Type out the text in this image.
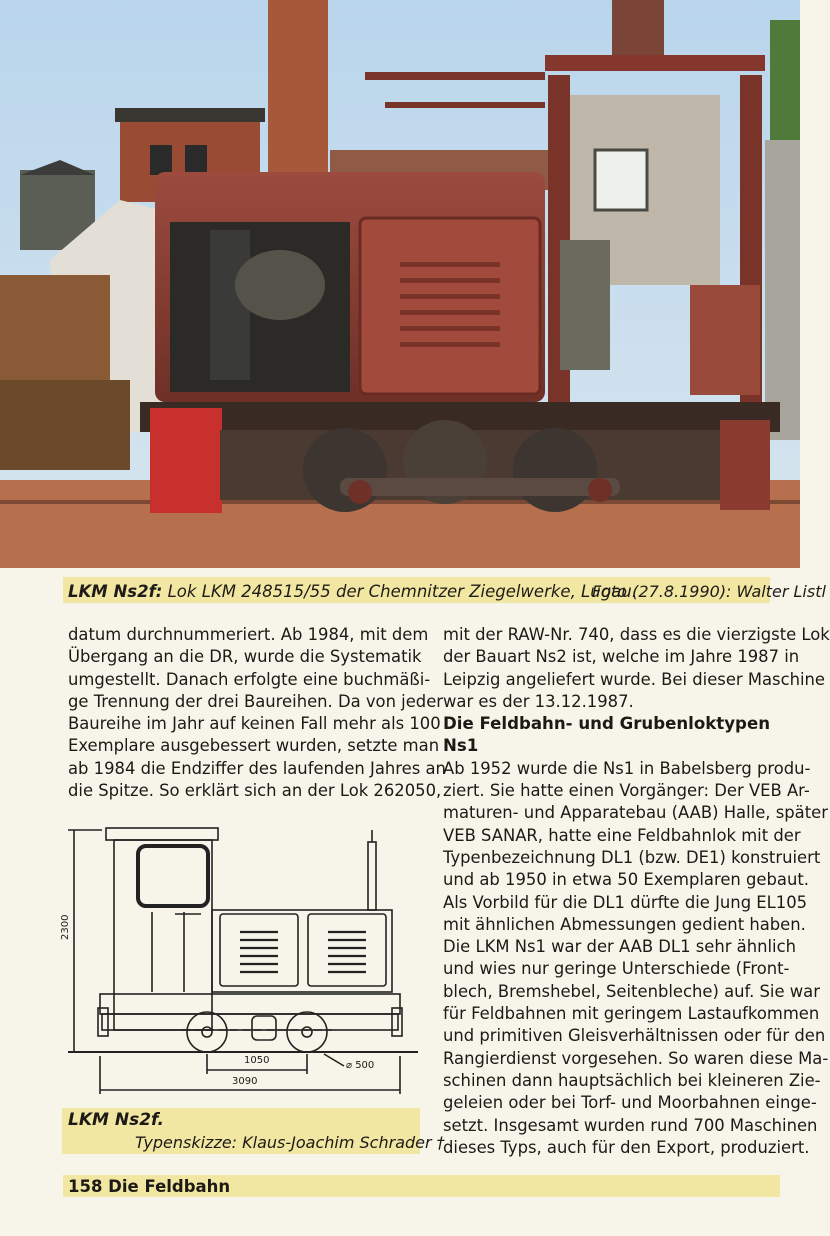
LKM Ns2f: Lok LKM 248515/55 der Chemnitzer Ziegelwerke, Lugau.
Foto (27.8.1990): Walter Listl
datum durchnummeriert. Ab 1984, mit dem
Übergang an die DR, wurde die Systematik
umgestellt. Danach erfolgte eine buchmäßi-
ge Trennung der drei Baureihen. Da von jeder
Baureihe im Jahr auf keinen Fall mehr als 100
Exemplare ausgebessert wurden, setzte man
ab 1984 die Endziffer des laufenden Jahres an
die Spitze. So erklärt sich an der Lok 262050,
2300
1050	⌀ 500
3090
LKM Ns2f.
Typenskizze: Klaus-Joachim Schrader †
mit der RAW-Nr. 740, dass es die vierzigste Lok
der Bauart Ns2 ist, welche im Jahre 1987 in
Leipzig angeliefert wurde. Bei dieser Maschine
war es der 13.12.1987.
Die Feldbahn- und Grubenloktypen
Ns1
Ab 1952 wurde die Ns1 in Babelsberg produ-
ziert. Sie hatte einen Vorgänger: Der VEB Ar-
maturen- und Apparatebau (AAB) Halle, später
VEB SANAR, hatte eine Feldbahnlok mit der
Typenbezeichnung DL1 (bzw. DE1) konstruiert
und ab 1950 in etwa 50 Exemplaren gebaut.
Als Vorbild für die DL1 dürfte die Jung EL105
mit ähnlichen Abmessungen gedient haben.
Die LKM Ns1 war der AAB DL1 sehr ähnlich
und wies nur geringe Unterschiede (Front-
blech, Bremshebel, Seitenbleche) auf. Sie war
für Feldbahnen mit geringem Lastaufkommen
und primitiven Gleisverhältnissen oder für den
Rangierdienst vorgesehen. So waren diese Ma-
schinen dann hauptsächlich bei kleineren Zie-
geleien oder bei Torf- und Moorbahnen einge-
setzt. Insgesamt wurden rund 700 Maschinen
dieses Typs, auch für den Export, produziert.
158 Die Feldbahn
